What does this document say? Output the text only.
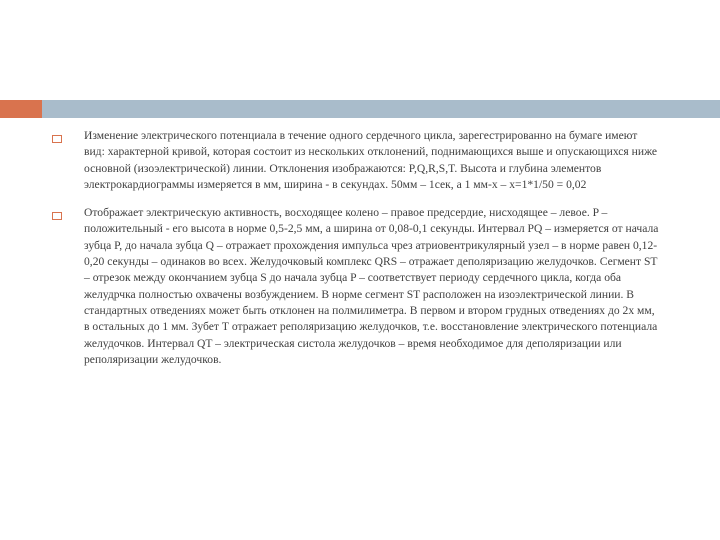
Изменение электрического потенциала в течение одного сердечного цикла, зарегестрированно на бумаге имеют вид: характерной кривой, которая состоит из нескольких отклонений, поднимающихся выше и опускающихся ниже основной (изоэлектрической) линии. Отклонения изображаются: P,Q,R,S,T. Высота и глубина элементов электрокардиограммы измеряется в мм, ширина - в секундах. 50мм – 1сек, а 1 мм-х – х=1*1/50 = 0,02
Отображает электрическую активность, восходящее колено – правое предсердие, нисходящее – левое. P – положительный - его высота в норме 0,5-2,5 мм, а ширина от 0,08-0,1 секунды. Интервал PQ – измеряется от начала зубца P, до начала зубца Q – отражает прохождения импульса чрез атриовентрикулярный узел – в норме равен 0,12-0,20 секунды – одинаков во всех. Желудочковый комплекс QRS – отражает деполяризацию желудочков. Сегмент ST – отрезок между окончанием зубца S до начала зубца P – соответствует периоду сердечного цикла, когда оба желудрчка полностью охвачены возбуждением. В норме сегмент ST расположен на изоэлектрической линии. В стандартных отведениях может быть отклонен на полмилиметра. В первом и втором грудных отведениях до 2х мм, в остальных до 1 мм. Зубет Т отражает реполяризацию желудочков, т.е. восстановление электрического потенциала желудочков. Интервал QT – электрическая систола желудочков – время необходимое для деполяризации или реполяризации желудочков.
